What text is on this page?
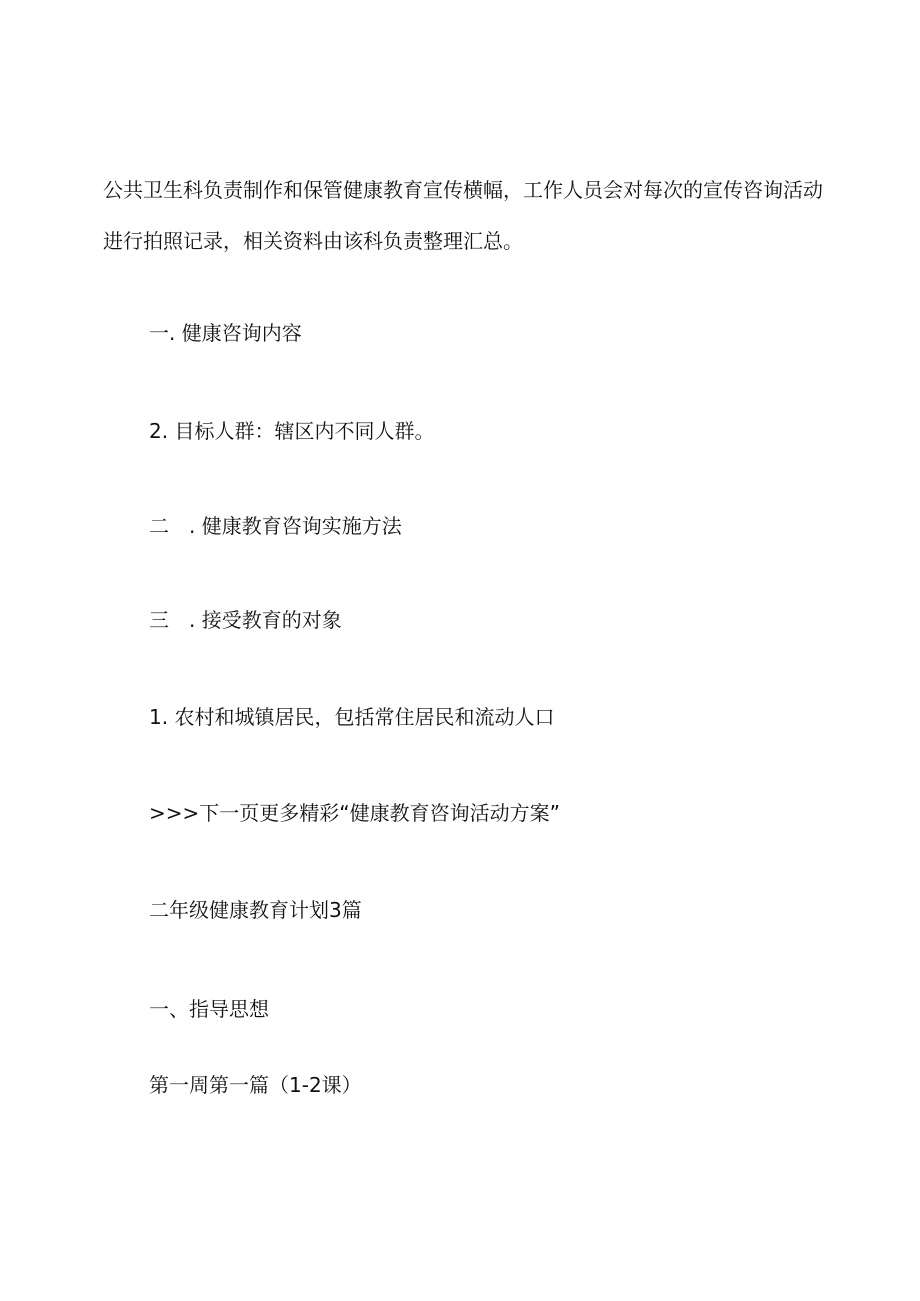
公共卫生科负责制作和保管健康教育宣传横幅，工作人员会对每次的宣传咨询活动
进行拍照记录，相关资料由该科负责整理汇总。
一. 健康咨询内容
2. 目标人群：辖区内不同人群。
二　. 健康教育咨询实施方法
三　. 接受教育的对象
1. 农村和城镇居民，包括常住居民和流动人口
>>>下一页更多精彩“健康教育咨询活动方案”
二年级健康教育计划3篇
一、指导思想
第一周第一篇（1-2课）
